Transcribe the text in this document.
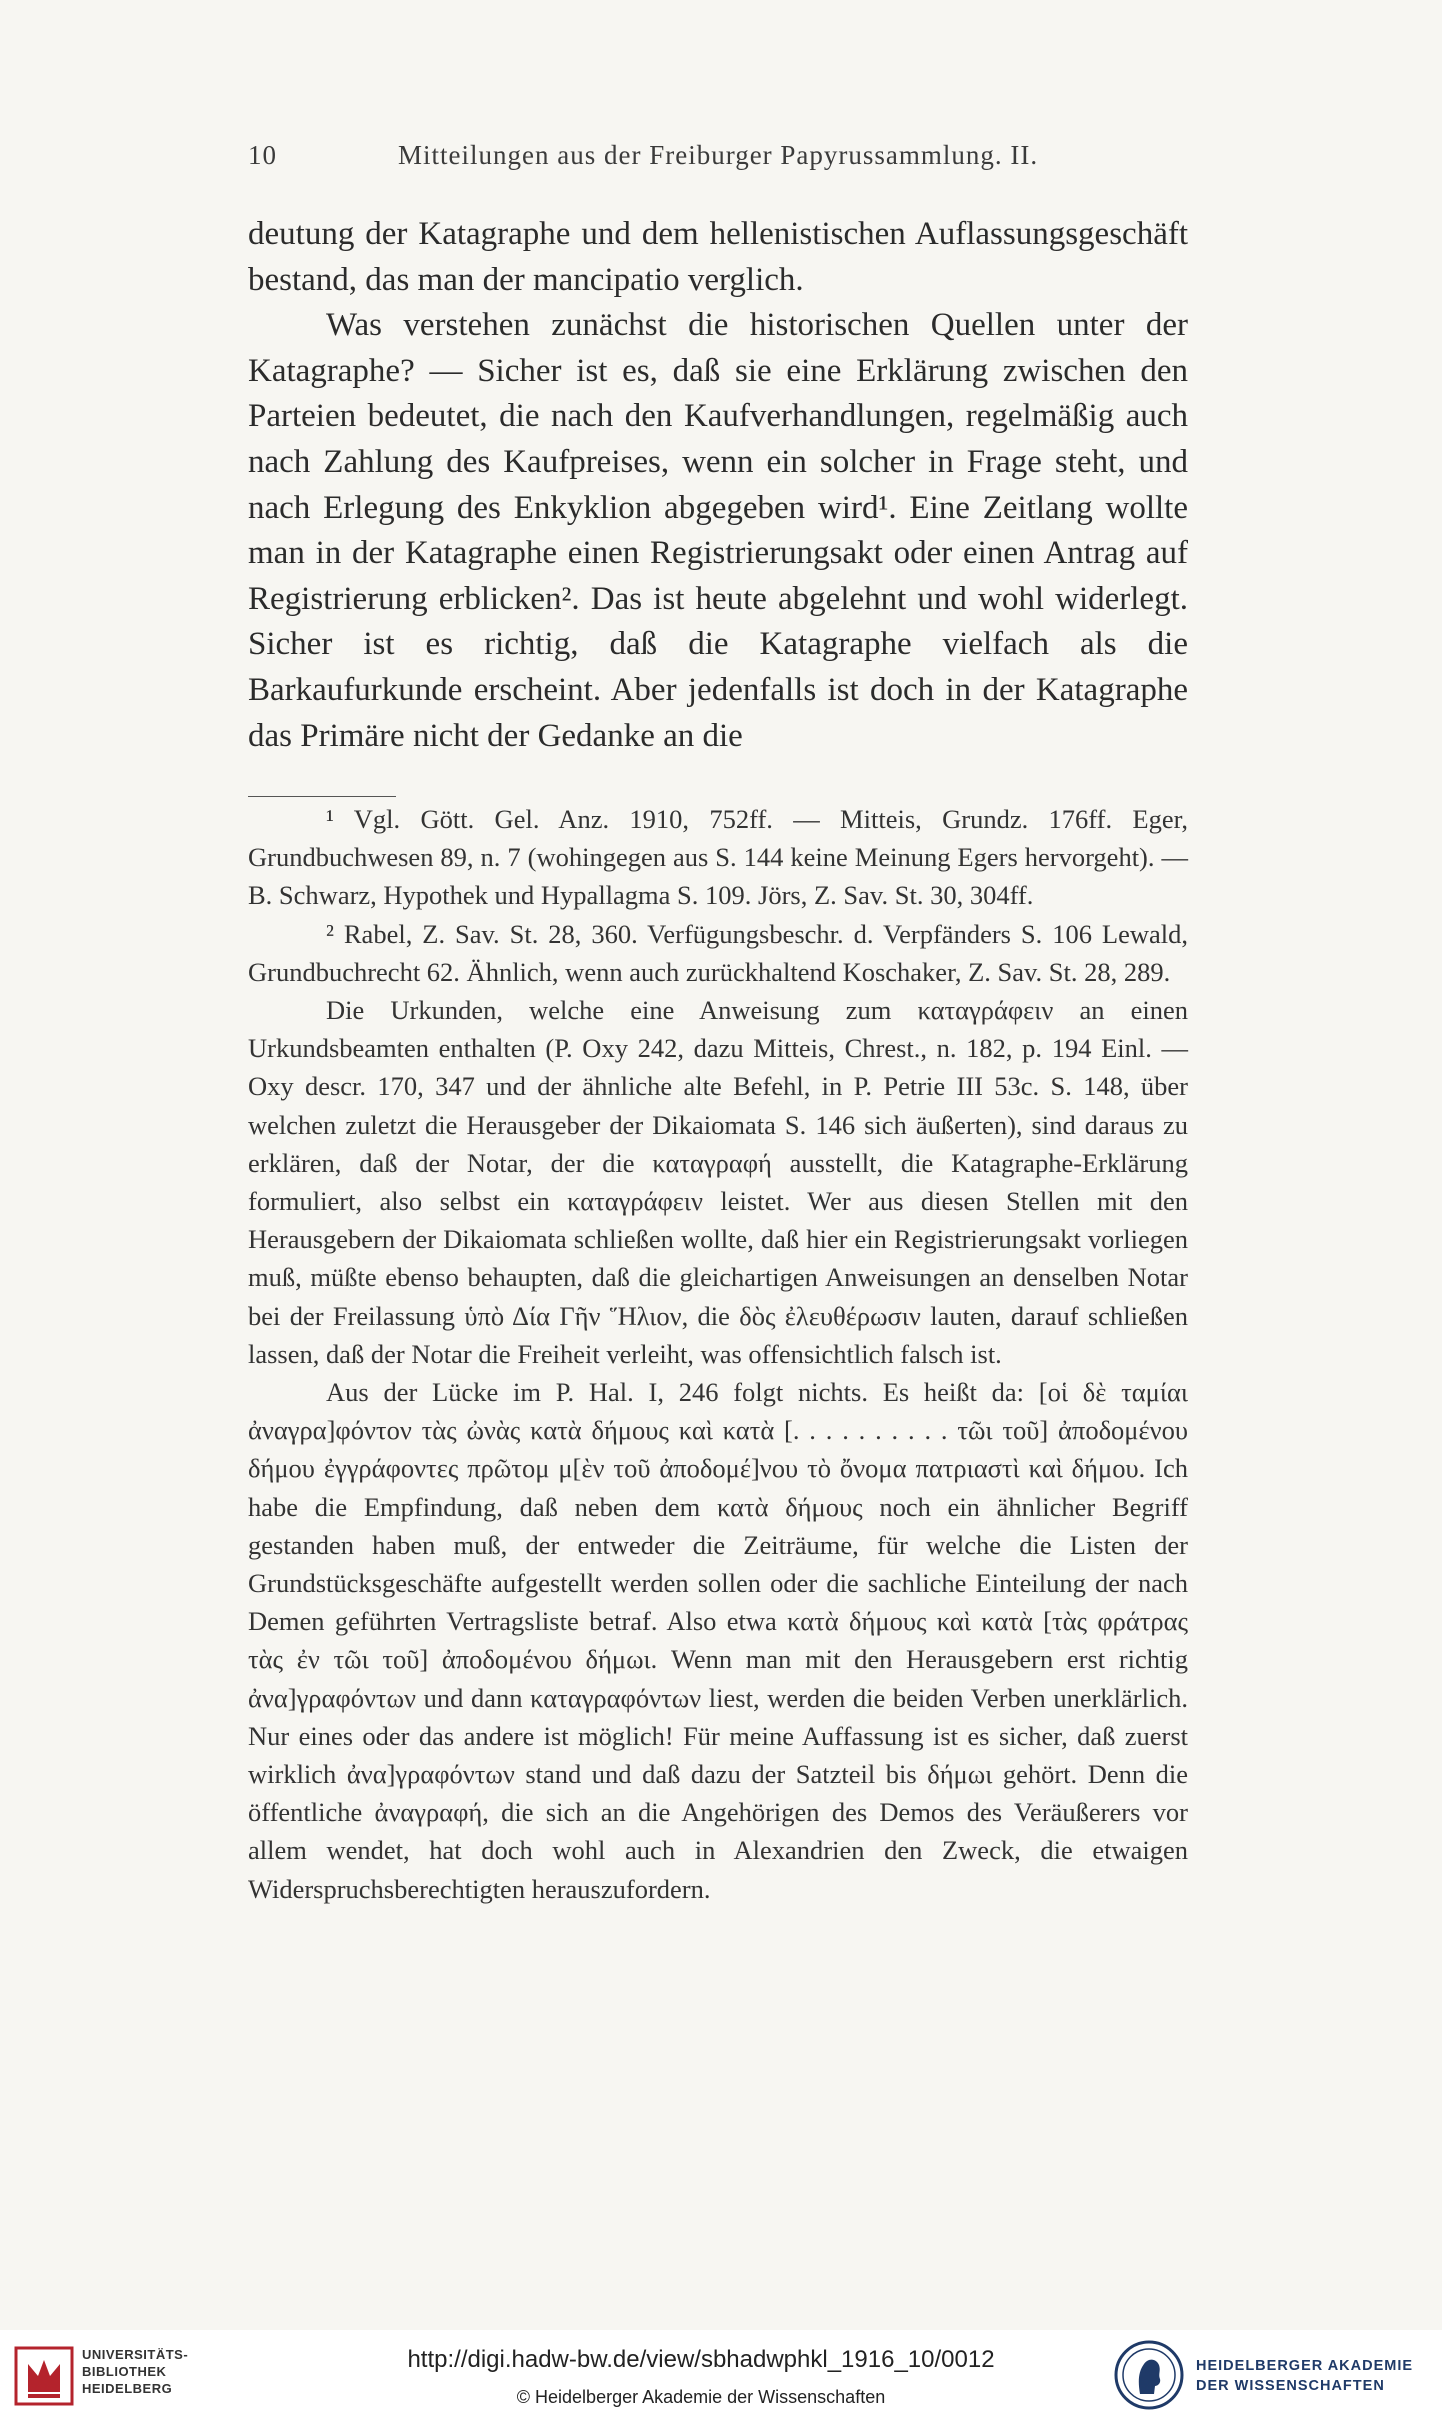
10	Mitteilungen aus der Freiburger Papyrussammlung. II.

deutung der Katagraphe und dem hellenistischen Auflassungsgeschäft bestand, das man der mancipatio verglich.

Was verstehen zunächst die historischen Quellen unter der Katagraphe? — Sicher ist es, daß sie eine Erklärung zwischen den Parteien bedeutet, die nach den Kaufverhandlungen, regelmäßig auch nach Zahlung des Kaufpreises, wenn ein solcher in Frage steht, und nach Erlegung des Enkyklion abgegeben wird¹. Eine Zeitlang wollte man in der Katagraphe einen Registrierungsakt oder einen Antrag auf Registrierung erblicken². Das ist heute abgelehnt und wohl widerlegt. Sicher ist es richtig, daß die Katagraphe vielfach als die Barkaufurkunde erscheint. Aber jedenfalls ist doch in der Katagraphe das Primäre nicht der Gedanke an die

¹ Vgl. Gött. Gel. Anz. 1910, 752ff. — Mitteis, Grundz. 176ff. Eger, Grundbuchwesen 89, n. 7 (wohingegen aus S. 144 keine Meinung Egers hervorgeht). — B. Schwarz, Hypothek und Hypallagma S. 109. Jörs, Z. Sav. St. 30, 304ff.

² Rabel, Z. Sav. St. 28, 360. Verfügungsbeschr. d. Verpfänders S. 106 Lewald, Grundbuchrecht 62. Ähnlich, wenn auch zurückhaltend Koschaker, Z. Sav. St. 28, 289.

Die Urkunden, welche eine Anweisung zum καταγράφειν an einen Urkundsbeamten enthalten (P. Oxy 242, dazu Mitteis, Chrest., n. 182, p. 194 Einl. — Oxy descr. 170, 347 und der ähnliche alte Befehl, in P. Petrie III 53c. S. 148, über welchen zuletzt die Herausgeber der Dikaiomata S. 146 sich äußerten), sind daraus zu erklären, daß der Notar, der die καταγραφή ausstellt, die Katagraphe-Erklärung formuliert, also selbst ein καταγράφειν leistet. Wer aus diesen Stellen mit den Herausgebern der Dikaiomata schließen wollte, daß hier ein Registrierungsakt vorliegen muß, müßte ebenso behaupten, daß die gleichartigen Anweisungen an denselben Notar bei der Freilassung ὑπὸ Δία Γῆν Ἥλιον, die δὸς ἐλευθέρωσιν lauten, darauf schließen lassen, daß der Notar die Freiheit verleiht, was offensichtlich falsch ist.

Aus der Lücke im P. Hal. I, 246 folgt nichts. Es heißt da: [οἱ δὲ ταμίαι ἀναγρα]φόντον τὰς ὠνὰς κατὰ δήμους καὶ κατὰ [. . . . . . . . . . τῶι τοῦ] ἀποδομένου δήμου ἐγγράφοντες πρῶτομ μ[ὲν τοῦ ἀποδομέ]νου τὸ ὄνομα πατριαστὶ καὶ δήμου. Ich habe die Empfindung, daß neben dem κατὰ δήμους noch ein ähnlicher Begriff gestanden haben muß, der entweder die Zeiträume, für welche die Listen der Grundstücksgeschäfte aufgestellt werden sollen oder die sachliche Einteilung der nach Demen geführten Vertragsliste betraf. Also etwa κατὰ δήμους καὶ κατὰ [τὰς φράτρας τὰς ἐν τῶι τοῦ] ἀποδομένου δήμωι. Wenn man mit den Herausgebern erst richtig ἀνα]γραφόντων und dann καταγραφόντων liest, werden die beiden Verben unerklärlich. Nur eines oder das andere ist möglich! Für meine Auffassung ist es sicher, daß zuerst wirklich ἀνα]γραφόντων stand und daß dazu der Satzteil bis δήμωι gehört. Denn die öffentliche ἀναγραφή, die sich an die Angehörigen des Demos des Veräußerers vor allem wendet, hat doch wohl auch in Alexandrien den Zweck, die etwaigen Widerspruchsberechtigten herauszufordern.

UNIVERSITÄTS-
BIBLIOTHEK
HEIDELBERG
http://digi.hadw-bw.de/view/sbhadwphkl_1916_10/0012
© Heidelberger Akademie der Wissenschaften
HEIDELBERGER AKADEMIE
DER WISSENSCHAFTEN
